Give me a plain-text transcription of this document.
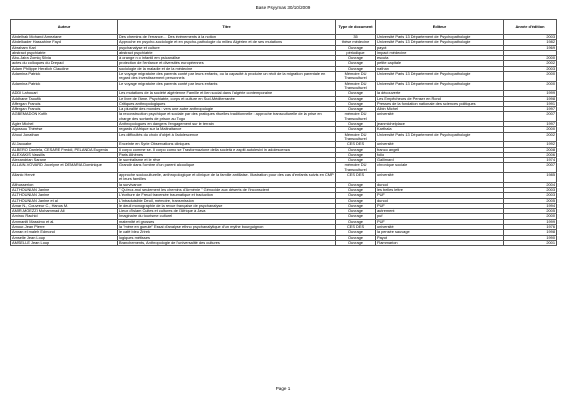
Base Psyymas 30/10/2009
Auteur	Titre	Type de document	Editeur	Année d'édition
Abdelhak Mohand Ameziane	Des chemins de l'errance… Des évènements à la notion	35	Université Paris 13 Département de Psychopathologie	2003
Abdelkader Hassahine Fayd	Approche en psycho-sociologie et en psycho-pathologie du milieu Algérien et de ses mutations	thèse médecine	Université Paris 13 Département de Psychopathologie	1982
Abraham Karl	psychanalyse et culture	Ouvrage	payot	1969
abstract psychiatrie	abstract psychiatrie	périodique	impact médecine	
Abu-Jaira Zomiq Silvia	à orange n o infantil em psicanálise	Ouvrage	escuta	2000
actes du colloques du Drepad	protection de l'enfance et diversités européennes	Ouvrage	petite capitale	2002
Adam Philippe Herzlich Claudine	sociologie de la maladie et de la médecine	Ouvrage	nathan	2003
Adamina Patrick	Le voyage migratoire des parents conté par leurs enfants, ou la capacité à produire un récit de la migration parentale en regard des investissement personnels	Mémoire DU Transculturel	Université Paris 13 Département de Psychopathologie	2000
Adamina Patrick	Le voyage migratoire des parents conté par leurs enfants	Mémoire DU Transculturel	Université Paris 13 Département de Psychopathologie	2000
ADDI Lahouari	Les mutations de la société algérienne Famille et lien social dans l'algérie contemporaine	Ouvrage	la découverte	1999
Addhane Taoufik	Le livre de l'âme. Psychiatrie, corps et culture en Sud-Méditerranée	Ouvrage	Les Empêcheurs de Penser en Rond	1998
Affergan Francis	Critiques anthropologiques	Ouvrage	Presses de la fondation nationale des sciences politiques	1991
Affergan Francis	La pluralité des mondes : vers une autre anthropologie	Ouvrage	Albin Michel	1997
AGBEMADON Kofih	la reconstruction psychique et sociale par des pratiques rituelles traditionnelle : approche transculturelle de la prise en charge des sortants de prison au Togo	mémoire DU Transculturel	université	2007
Agier Michel	Anthropologues en dangers l'engagement sur le terrain	Ouvrage	jeanmichelplace	1997
Agossou Thérèse	regards d'Afrique sur la Maltraitance	Ouvrage	Karthala	2000
Ahoui Jonathan	Les difficultés du choix d'objet à l'adolescence	Mémoire DU Transculturel	Université Paris 13 Département de Psychopathologie	2002
Al Jaouabe	Enceinte en Syrie Observations cliniques	CES DES	université	1992
ALBERO Daniela, CESARE Freddi, PELANDA Eugenia	Il corpo comme se. Il corpo como se Trasformazione della società e aspiti autolesivi in adolescenza	Ouvrage	franco angeli	2008
ALEXAKIS Vassilis	Paris Athènes	Ouvrage	folio	2006
Alexandrian Sarane	le surréalisme et le rêve	Ouvrage	Gallimard	1974
ALLAIN-VOVARD Jocelyne et DEMARIA Dominique	Grandir dans l'ombre d'un parent alcoolique	mémoire DU Transculturel	chronique sociale	2007
Allanic Hervé	approche socioculturelle, anthropologique et clinique de la famille antillaise. Illustration pour des cas d'enfants suivis en CMP et leurs familles	CES DES	université	1985
Althusserion	la survivance	Ouvrage	dunod	2004
ALTHOUNIAN Janine	" Qu'ecz-moi seulement les chemins d'Arménie " Génocide aux déserts de l'inconscient	Ouvrage	les belles lettre	2003
ALTHOUNIAN Janine	L'écriture de Freud traversée traumatique et traduction	Ouvrage	PUF	2003
ALTHOUNIAN Janine et al	L'intraduisible Deuil, mémoire, transmission	Ouvrage	dunod	2005
Amar N., Couvreur C., Hanus M.	le deuil monographie de la revue française de psychanalyse	Ouvrage	PUF	1994
AMIR-MOEZZI Mohammad Ali	Lieux d'islam Cultes et cultures de l'Afrique à Java	Ouvrage	autrement	2005
Amirou Rachid	Imaginaire du tourisme culturel	Ouvrage	puf	2000
Ammaniti Massimo et al.	maternité et grosses	Ouvrage	PUF	1999
Amour-Jean Pierre	la "mère en gueule" Essai d'analyse ethno psychanalytique d'un mythe bourguignon	CES DES	université	1976
Amran el maleh Edmond	le café bleu Zrirek	Ouvrage	la pensée sauvage	1998
Amselle Jean Loup	logiques métisses	Ouvrage	Payot	1990
AMSELLE Jean Loup	Branchements, Anthropologie de l'universalité des cultures	Ouvrage	Flammarion	2001
Page 1
